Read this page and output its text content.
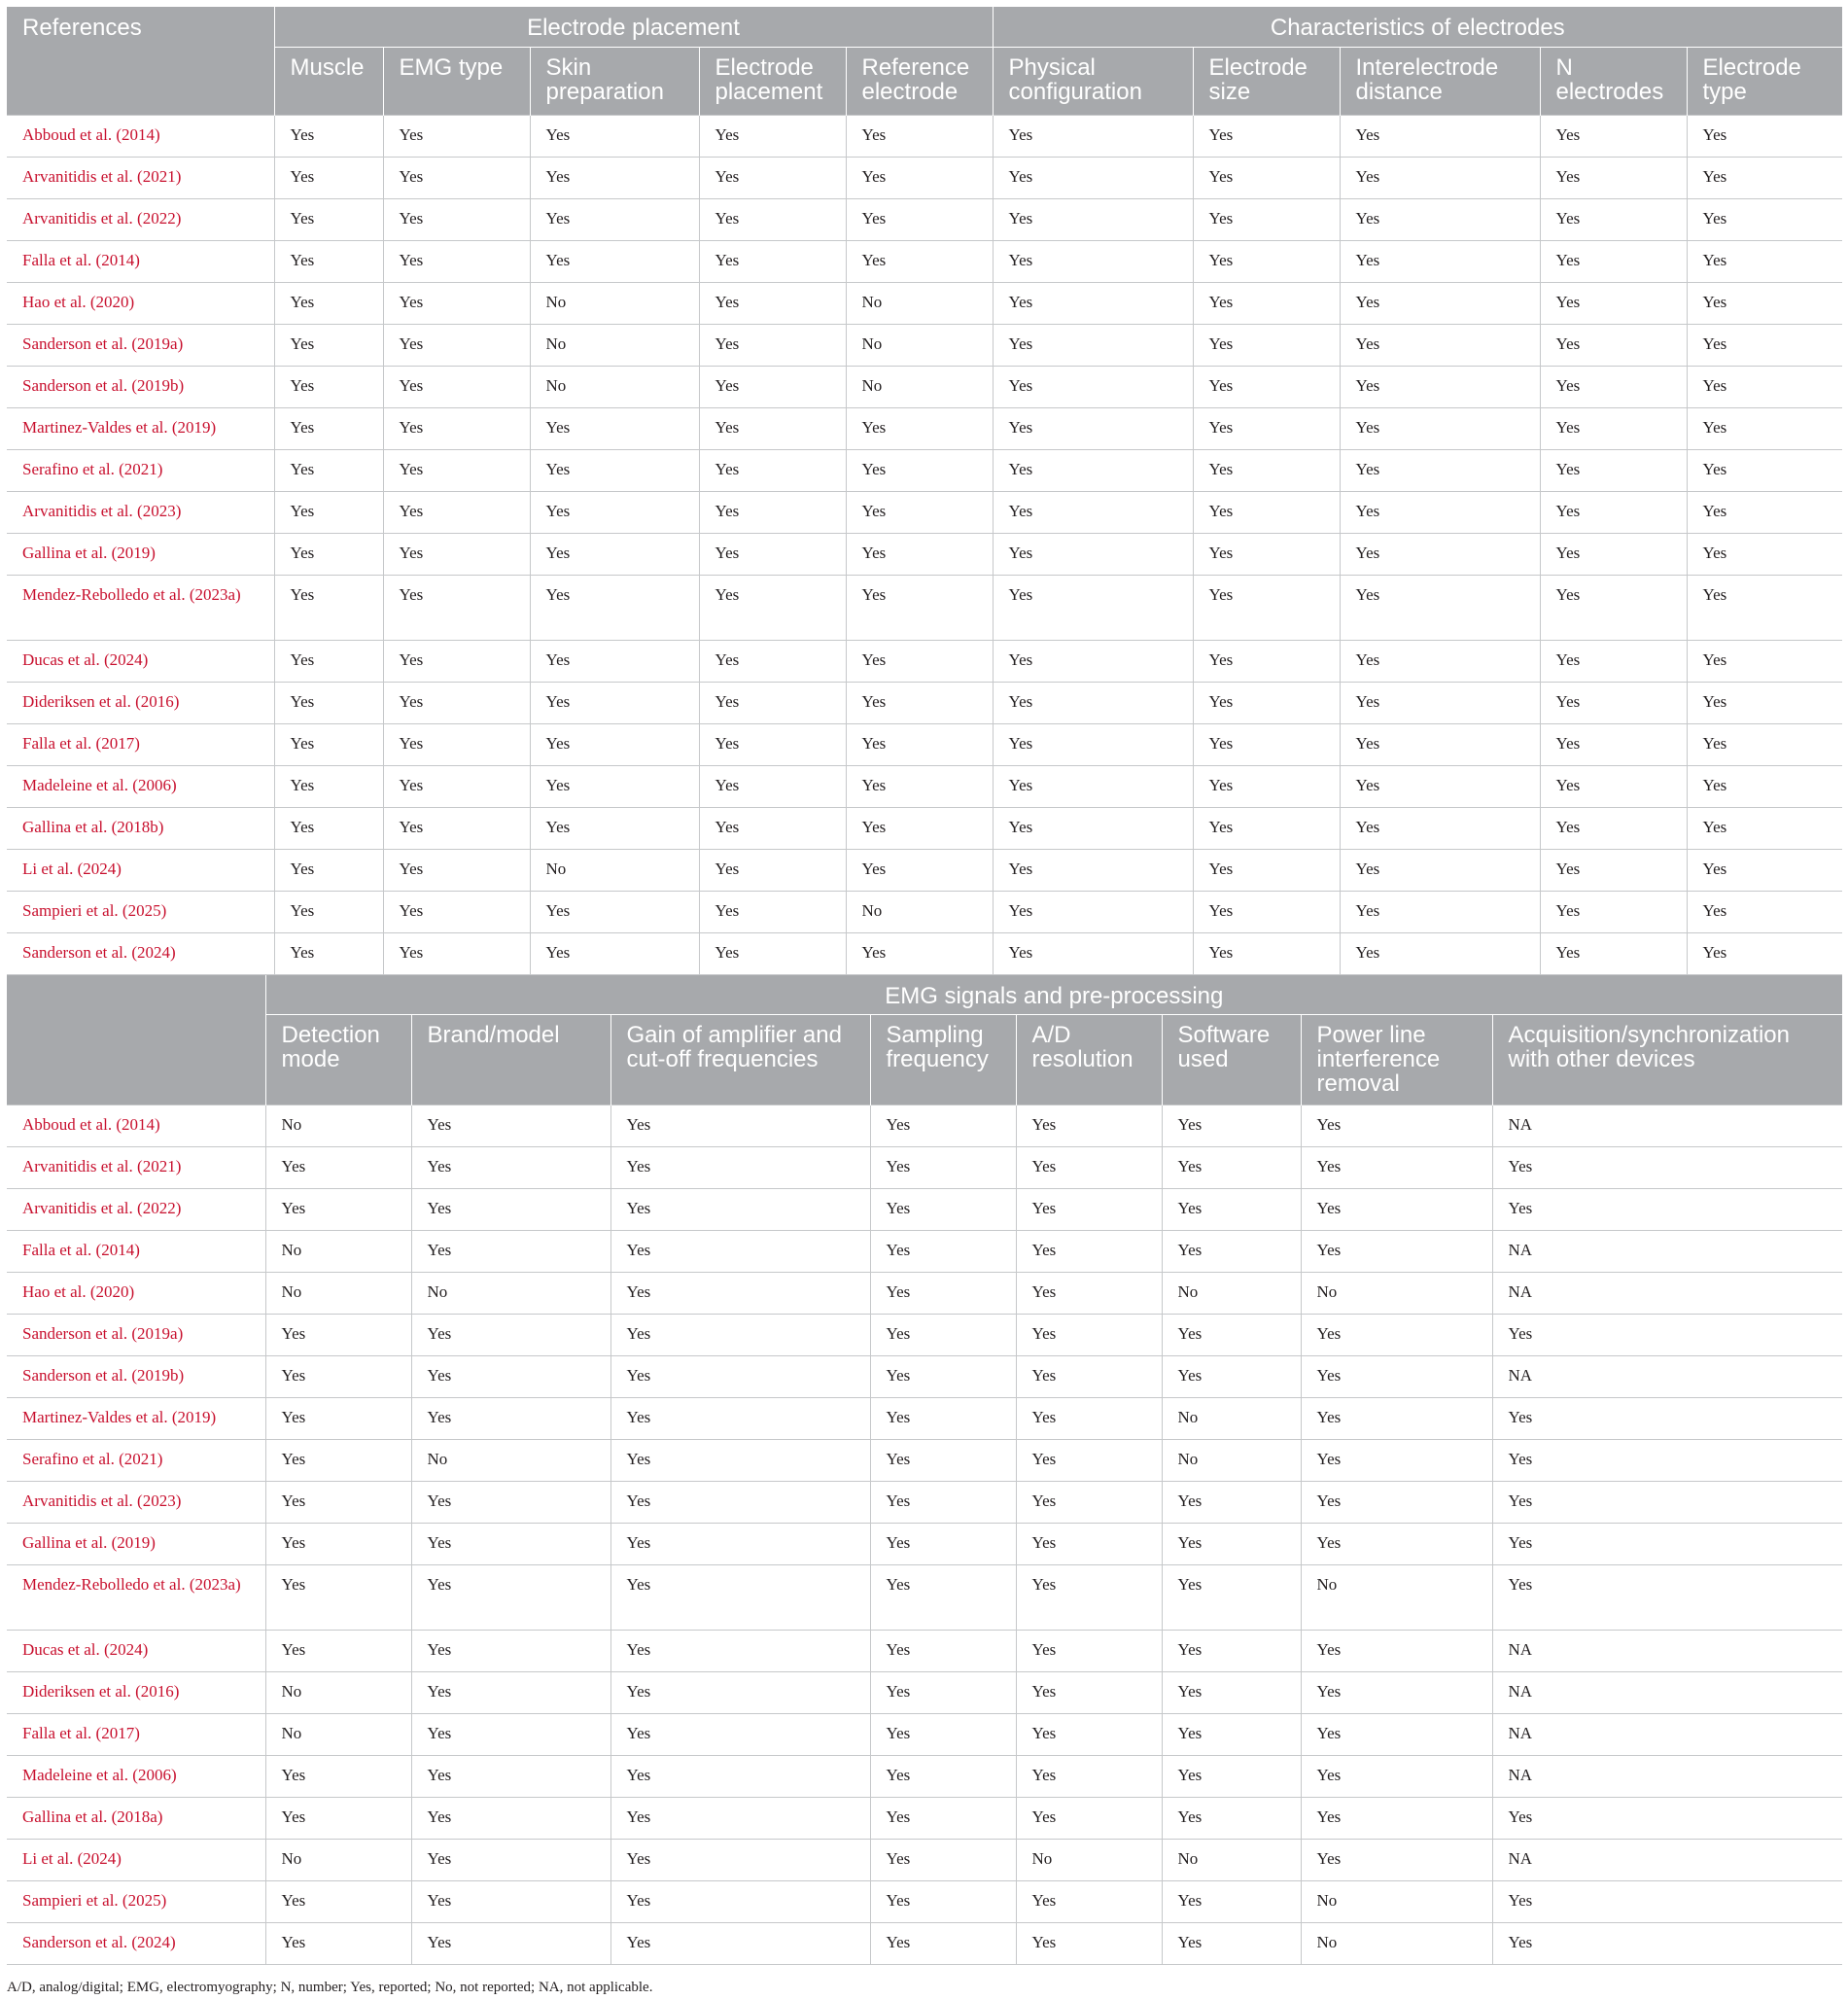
References	Electrode placement					Characteristics of electrodes				
	Muscle	EMG type	Skin preparation	Electrode placement	Reference electrode	Physical configuration	Electrode size	Interelectrode distance	N electrodes	Electrode type
Abboud et al. (2014)	Yes	Yes	Yes	Yes	Yes	Yes	Yes	Yes	Yes	Yes
Arvanitidis et al. (2021)	Yes	Yes	Yes	Yes	Yes	Yes	Yes	Yes	Yes	Yes
Arvanitidis et al. (2022)	Yes	Yes	Yes	Yes	Yes	Yes	Yes	Yes	Yes	Yes
Falla et al. (2014)	Yes	Yes	Yes	Yes	Yes	Yes	Yes	Yes	Yes	Yes
Hao et al. (2020)	Yes	Yes	No	Yes	No	Yes	Yes	Yes	Yes	Yes
Sanderson et al. (2019a)	Yes	Yes	No	Yes	No	Yes	Yes	Yes	Yes	Yes
Sanderson et al. (2019b)	Yes	Yes	No	Yes	No	Yes	Yes	Yes	Yes	Yes
Martinez-Valdes et al. (2019)	Yes	Yes	Yes	Yes	Yes	Yes	Yes	Yes	Yes	Yes
Serafino et al. (2021)	Yes	Yes	Yes	Yes	Yes	Yes	Yes	Yes	Yes	Yes
Arvanitidis et al. (2023)	Yes	Yes	Yes	Yes	Yes	Yes	Yes	Yes	Yes	Yes
Gallina et al. (2019)	Yes	Yes	Yes	Yes	Yes	Yes	Yes	Yes	Yes	Yes
Mendez-Rebolledo et al. (2023a)	Yes	Yes	Yes	Yes	Yes	Yes	Yes	Yes	Yes	Yes
Ducas et al. (2024)	Yes	Yes	Yes	Yes	Yes	Yes	Yes	Yes	Yes	Yes
Dideriksen et al. (2016)	Yes	Yes	Yes	Yes	Yes	Yes	Yes	Yes	Yes	Yes
Falla et al. (2017)	Yes	Yes	Yes	Yes	Yes	Yes	Yes	Yes	Yes	Yes
Madeleine et al. (2006)	Yes	Yes	Yes	Yes	Yes	Yes	Yes	Yes	Yes	Yes
Gallina et al. (2018b)	Yes	Yes	Yes	Yes	Yes	Yes	Yes	Yes	Yes	Yes
Li et al. (2024)	Yes	Yes	No	Yes	Yes	Yes	Yes	Yes	Yes	Yes
Sampieri et al. (2025)	Yes	Yes	Yes	Yes	No	Yes	Yes	Yes	Yes	Yes
Sanderson et al. (2024)	Yes	Yes	Yes	Yes	Yes	Yes	Yes	Yes	Yes	Yes
	EMG signals and pre-processing							
	Detection mode	Brand/model	Gain of amplifier and cut-off frequencies	Sampling frequency	A/D resolution	Software used	Power line interference removal	Acquisition/synchronization with other devices
Abboud et al. (2014)	No	Yes	Yes	Yes	Yes	Yes	Yes	NA
Arvanitidis et al. (2021)	Yes	Yes	Yes	Yes	Yes	Yes	Yes	Yes
Arvanitidis et al. (2022)	Yes	Yes	Yes	Yes	Yes	Yes	Yes	Yes
Falla et al. (2014)	No	Yes	Yes	Yes	Yes	Yes	Yes	NA
Hao et al. (2020)	No	No	Yes	Yes	Yes	No	No	NA
Sanderson et al. (2019a)	Yes	Yes	Yes	Yes	Yes	Yes	Yes	Yes
Sanderson et al. (2019b)	Yes	Yes	Yes	Yes	Yes	Yes	Yes	NA
Martinez-Valdes et al. (2019)	Yes	Yes	Yes	Yes	Yes	No	Yes	Yes
Serafino et al. (2021)	Yes	No	Yes	Yes	Yes	No	Yes	Yes
Arvanitidis et al. (2023)	Yes	Yes	Yes	Yes	Yes	Yes	Yes	Yes
Gallina et al. (2019)	Yes	Yes	Yes	Yes	Yes	Yes	Yes	Yes
Mendez-Rebolledo et al. (2023a)	Yes	Yes	Yes	Yes	Yes	Yes	No	Yes
Ducas et al. (2024)	Yes	Yes	Yes	Yes	Yes	Yes	Yes	NA
Dideriksen et al. (2016)	No	Yes	Yes	Yes	Yes	Yes	Yes	NA
Falla et al. (2017)	No	Yes	Yes	Yes	Yes	Yes	Yes	NA
Madeleine et al. (2006)	Yes	Yes	Yes	Yes	Yes	Yes	Yes	NA
Gallina et al. (2018a)	Yes	Yes	Yes	Yes	Yes	Yes	Yes	Yes
Li et al. (2024)	No	Yes	Yes	Yes	No	No	Yes	NA
Sampieri et al. (2025)	Yes	Yes	Yes	Yes	Yes	Yes	No	Yes
Sanderson et al. (2024)	Yes	Yes	Yes	Yes	Yes	Yes	No	Yes

A/D, analog/digital; EMG, electromyography; N, number; Yes, reported; No, not reported; NA, not applicable.
